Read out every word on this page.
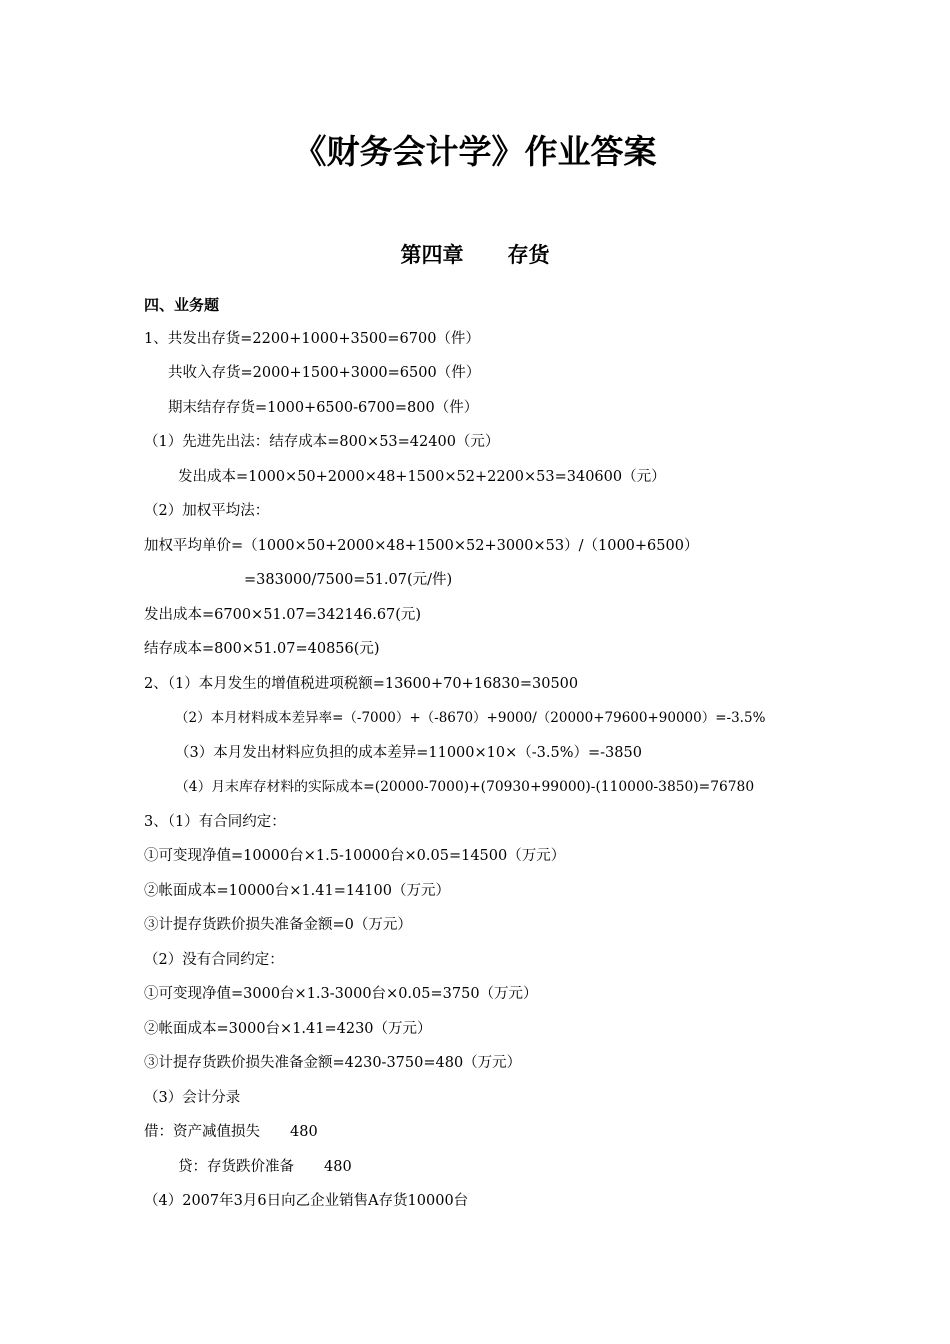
《财务会计学》作业答案
第四章 存货
四、业务题
1、共发出存货=2200+1000+3500=6700（件）
共收入存货=2000+1500+3000=6500（件）
期末结存存货=1000+6500-6700=800（件）
（1）先进先出法：结存成本=800×53=42400（元）
发出成本=1000×50+2000×48+1500×52+2200×53=340600（元）
（2）加权平均法：
加权平均单价=（1000×50+2000×48+1500×52+3000×53）/（1000+6500）
=383000/7500=51.07(元/件)
发出成本=6700×51.07=342146.67(元)
结存成本=800×51.07=40856(元)
2、（1）本月发生的增值税进项税额=13600+70+16830=30500
（2）本月材料成本差异率=（-7000）+（-8670）+9000/（20000+79600+90000）=-3.5%
（3）本月发出材料应负担的成本差异=11000×10×（-3.5%）=-3850
（4）月末库存材料的实际成本=(20000-7000)+(70930+99000)-(110000-3850)=76780
3、（1）有合同约定：
①可变现净值=10000台×1.5-10000台×0.05=14500（万元）
②帐面成本=10000台×1.41=14100（万元）
③计提存货跌价损失准备金额=0（万元）
（2）没有合同约定：
①可变现净值=3000台×1.3-3000台×0.05=3750（万元）
②帐面成本=3000台×1.41=4230（万元）
③计提存货跌价损失准备金额=4230-3750=480（万元）
（3）会计分录
借：资产减值损失 480
贷：存货跌价准备 480
（4）2007年3月6日向乙企业销售A存货10000台
